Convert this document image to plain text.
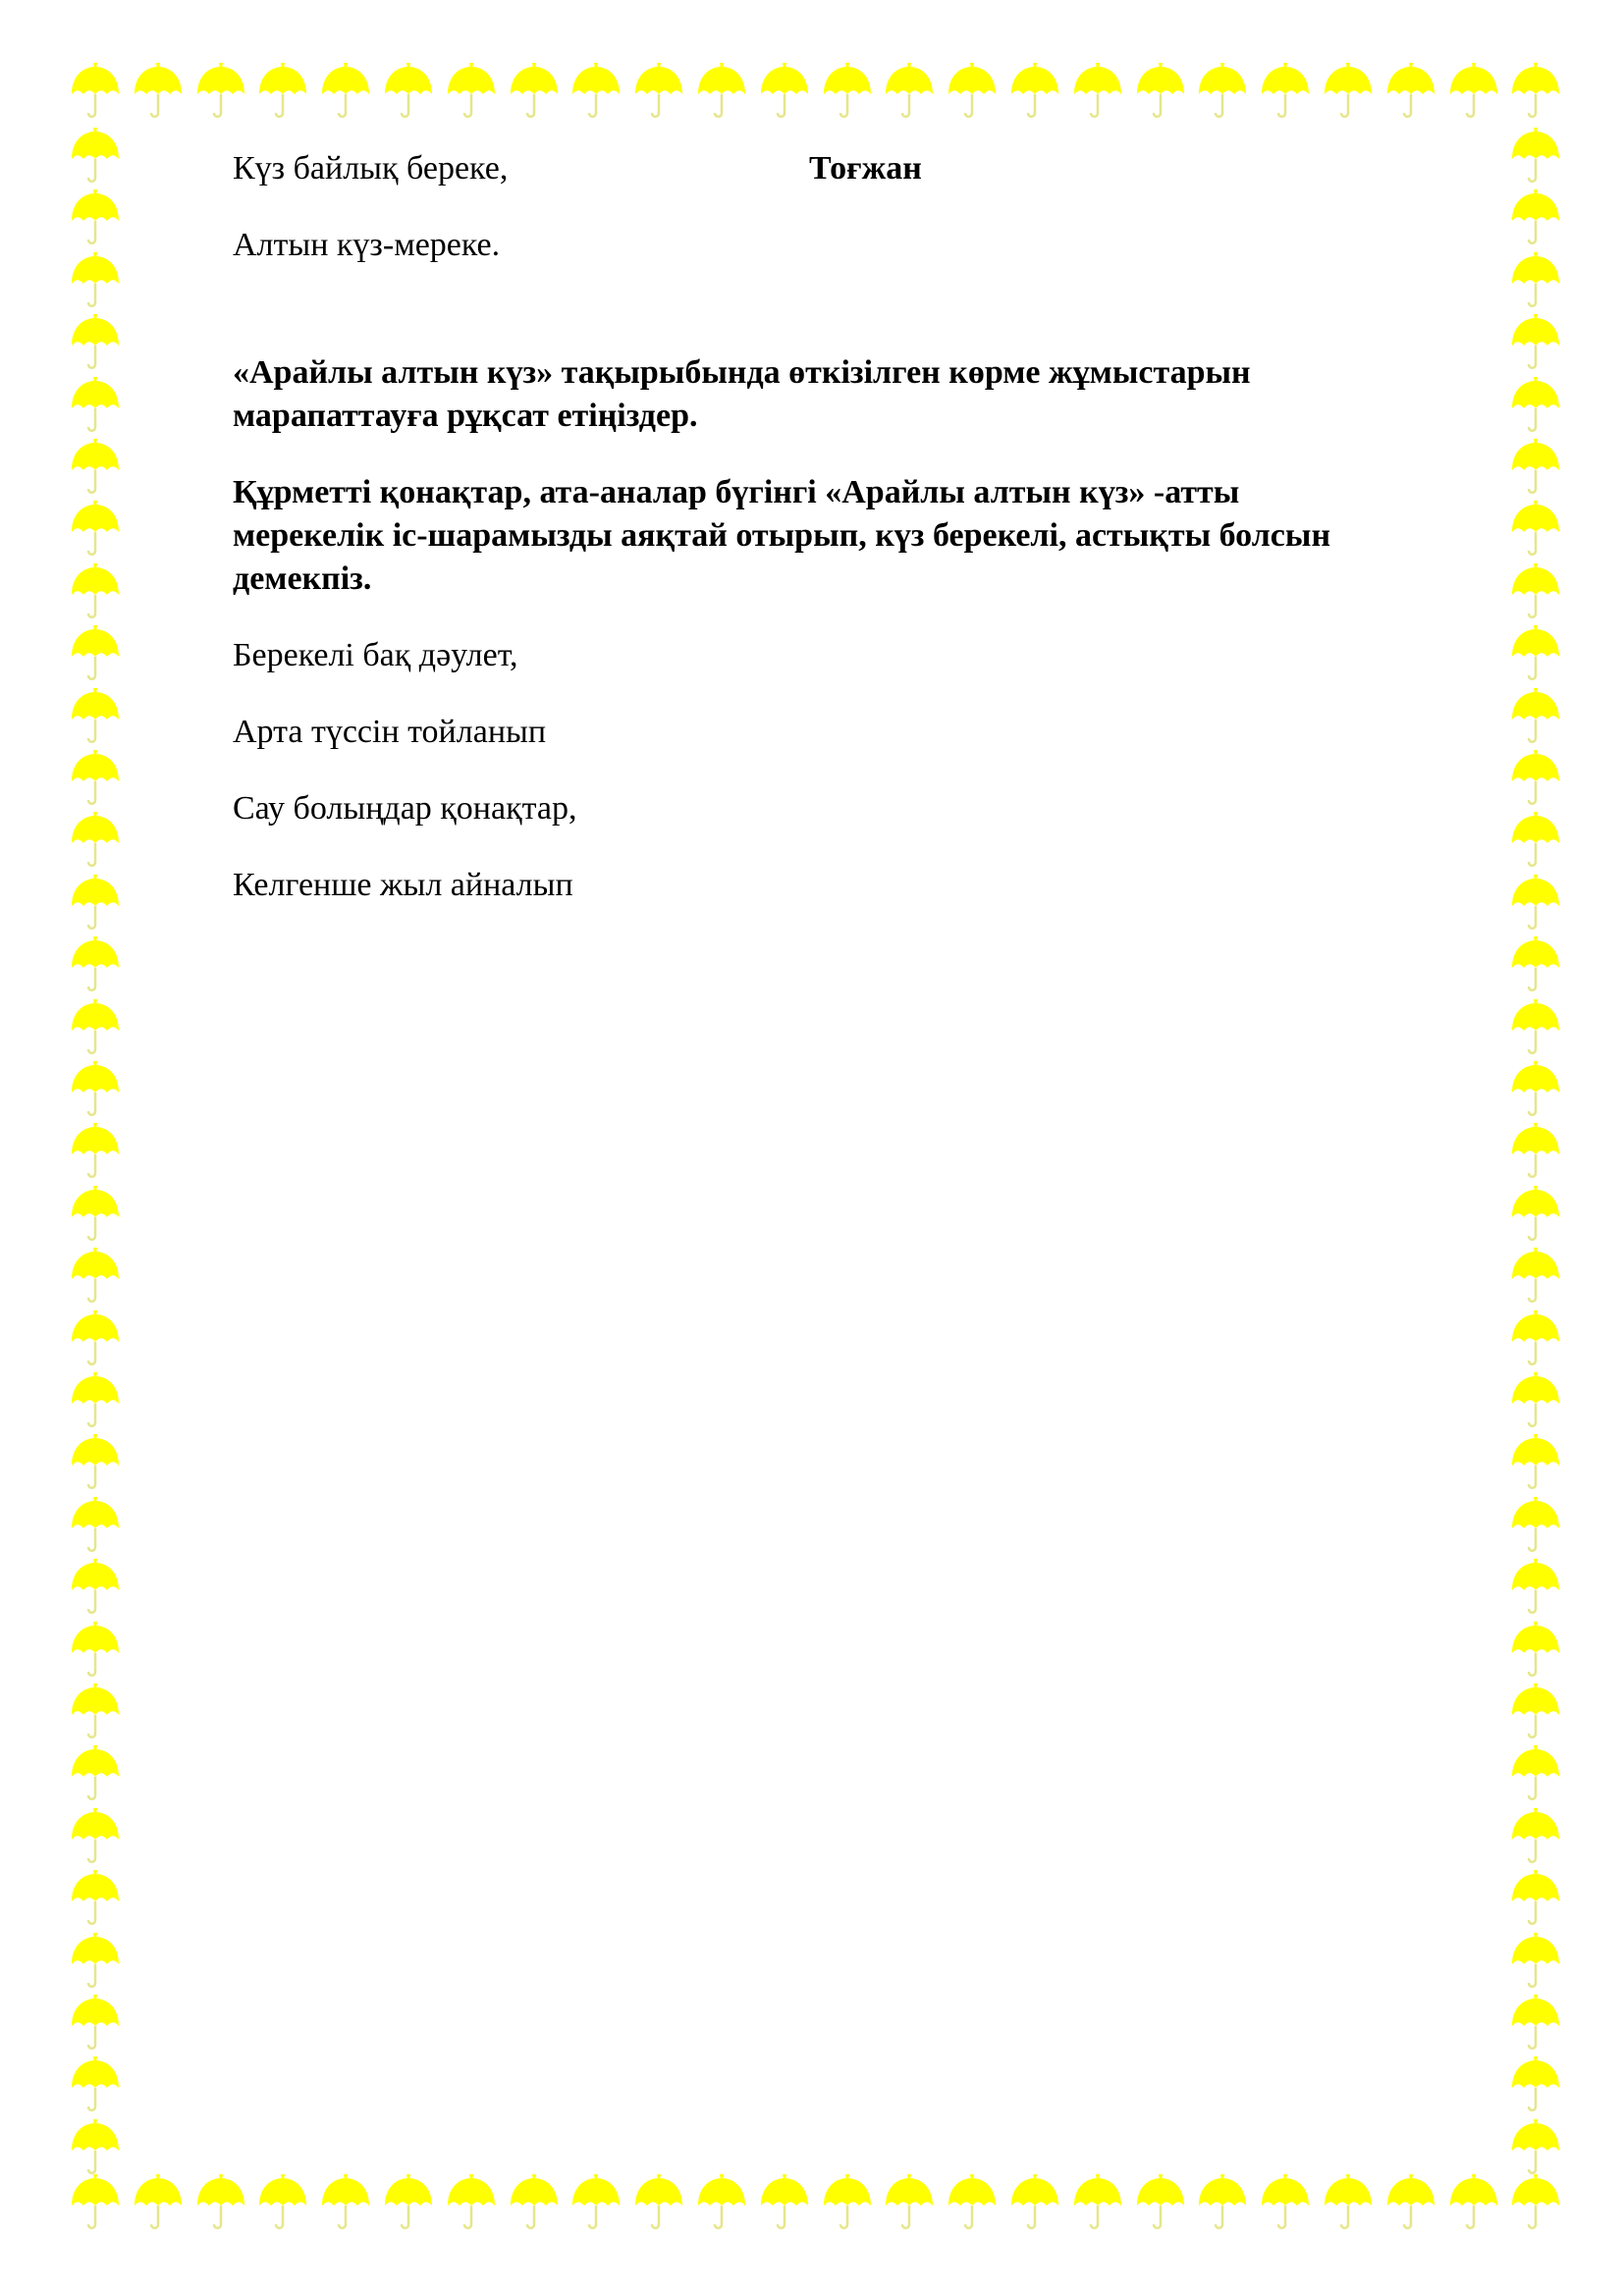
Күз байлық береке,	Тоғжан
Алтын күз-мереке.
«Арайлы алтын күз» тақырыбында өткізілген көрме жұмыстарын
марапаттауға рұқсат етіңіздер.
Құрметті қонақтар, ата-аналар бүгінгі «Арайлы алтын күз» -атты
мерекелік іс-шарамызды аяқтай отырып, күз берекелі, астықты болсын
демекпіз.
Берекелі бақ дәулет,
Арта түссін тойланып
Сау болыңдар қонақтар,
Келгенше жыл айналып
